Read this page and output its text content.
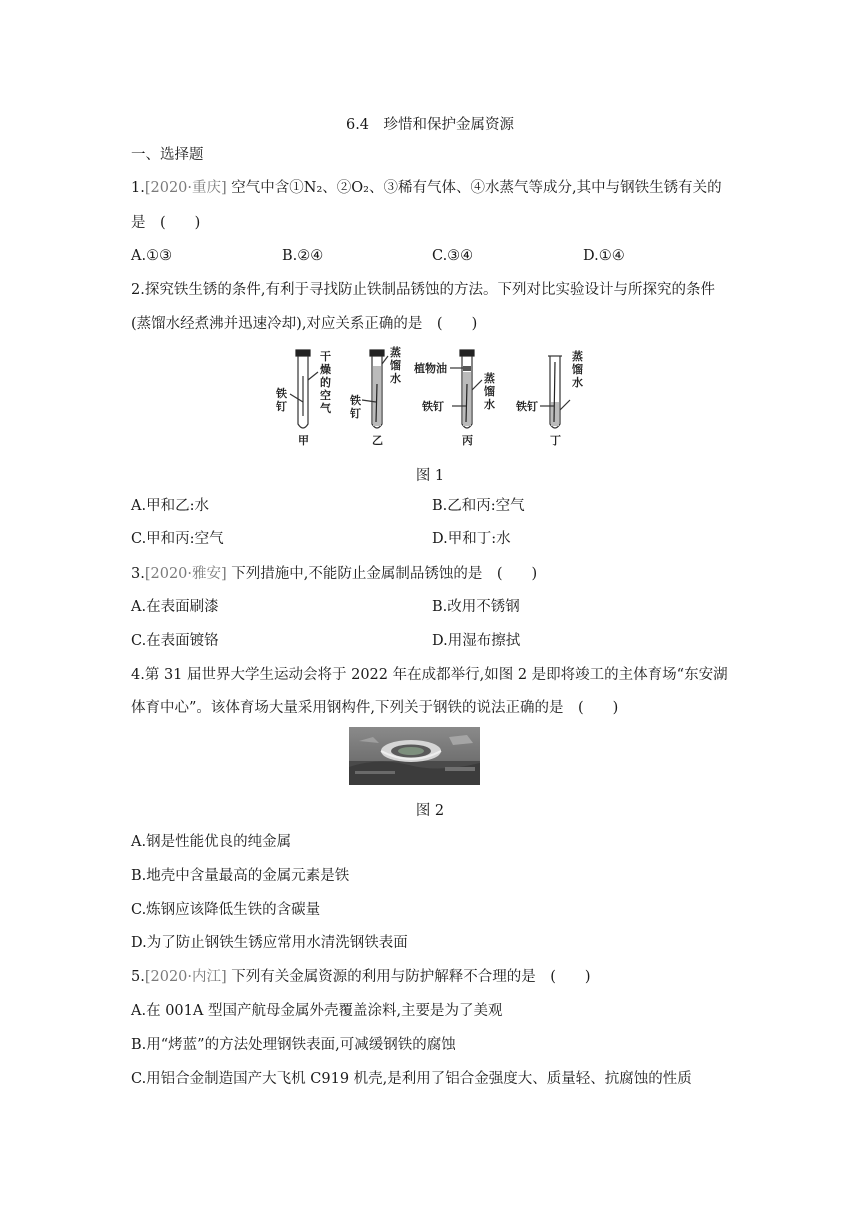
6.4　珍惜和保护金属资源
一、选择题
1.[2020·重庆] 空气中含①N₂、②O₂、③稀有气体、④水蒸气等成分,其中与钢铁生锈有关的
是　(　　)
A.①③	B.②④	C.③④	D.①④
2.探究铁生锈的条件,有利于寻找防止铁制品锈蚀的方法。下列对比实验设计与所探究的条件
(蒸馏水经煮沸并迅速冷却),对应关系正确的是　(　　)
干
燥
的
空
气
铁
钉
甲
蒸
馏
水
铁
钉
乙
植物油
铁钉
蒸
馏
水
丙
铁钉
蒸
馏
水
丁
图 1
A.甲和乙:水	B.乙和丙:空气
C.甲和丙:空气	D.甲和丁:水
3.[2020·雅安] 下列措施中,不能防止金属制品锈蚀的是　(　　)
A.在表面刷漆	B.改用不锈钢
C.在表面镀铬	D.用湿布擦拭
4.第 31 届世界大学生运动会将于 2022 年在成都举行,如图 2 是即将竣工的主体育场“东安湖
体育中心”。该体育场大量采用钢构件,下列关于钢铁的说法正确的是　(　　)
图 2
A.钢是性能优良的纯金属
B.地壳中含量最高的金属元素是铁
C.炼钢应该降低生铁的含碳量
D.为了防止钢铁生锈应常用水清洗钢铁表面
5.[2020·内江] 下列有关金属资源的利用与防护解释不合理的是　(　　)
A.在 001A 型国产航母金属外壳覆盖涂料,主要是为了美观
B.用“烤蓝”的方法处理钢铁表面,可减缓钢铁的腐蚀
C.用铝合金制造国产大飞机 C919 机壳,是利用了铝合金强度大、质量轻、抗腐蚀的性质
